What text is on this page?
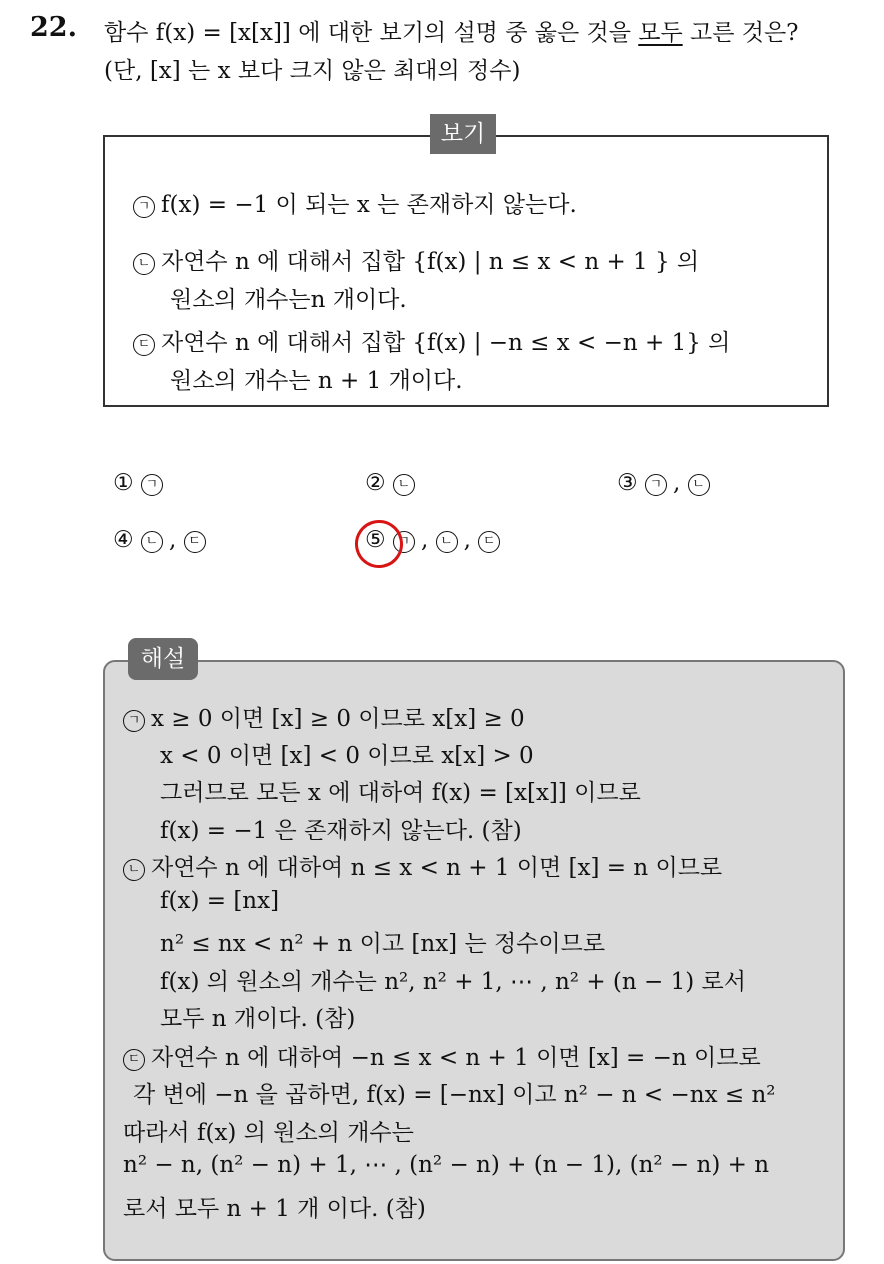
22. 함수 f(x) = [x[x]] 에 대한 보기의 설명 중 옳은 것을 모두 고른 것은?
(단, [x] 는 x 보다 크지 않은 최대의 정수)
보기
ㄱ f(x) = −1 이 되는 x 는 존재하지 않는다.
ㄴ 자연수 n 에 대해서 집합 {f(x) | n ≤ x < n + 1 } 의
원소의 개수는n 개이다.
ㄷ 자연수 n 에 대해서 집합 {f(x) | −n ≤ x < −n + 1} 의
원소의 개수는 n + 1 개이다.
① ㄱ	② ㄴ	③ ㄱ , ㄴ
④ ㄴ , ㄷ	⑤ ㄱ , ㄴ , ㄷ
해설
ㄱ x ≥ 0 이면 [x] ≥ 0 이므로 x[x] ≥ 0
x < 0 이면 [x] < 0 이므로 x[x] > 0
그러므로 모든 x 에 대하여 f(x) = [x[x]] 이므로
f(x) = −1 은 존재하지 않는다. (참)
ㄴ 자연수 n 에 대하여 n ≤ x < n + 1 이면 [x] = n 이므로
f(x) = [nx]
n² ≤ nx < n² + n 이고 [nx] 는 정수이므로
f(x) 의 원소의 개수는 n², n² + 1, ⋯ , n² + (n − 1) 로서
모두 n 개이다. (참)
ㄷ 자연수 n 에 대하여 −n ≤ x < n + 1 이면 [x] = −n 이므로
각 변에 −n 을 곱하면, f(x) = [−nx] 이고 n² − n < −nx ≤ n²
따라서 f(x) 의 원소의 개수는
n² − n, (n² − n) + 1, ⋯ , (n² − n) + (n − 1), (n² − n) + n
로서 모두 n + 1 개 이다. (참)
